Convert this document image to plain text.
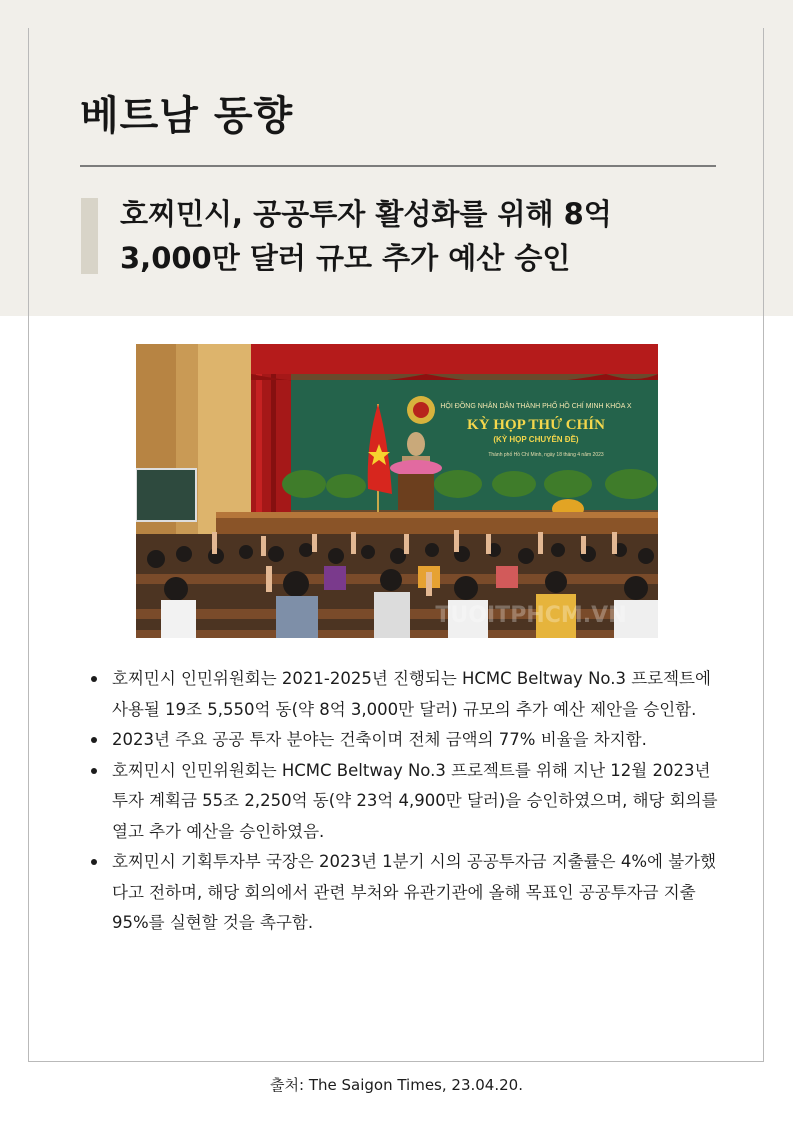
베트남 동향
호찌민시, 공공투자 활성화를 위해 8억
3,000만 달러 규모 추가 예산 승인
HỘI ĐỒNG NHÂN DÂN THÀNH PHỐ HỒ CHÍ MINH KHÓA X
KỲ HỌP THỨ CHÍN
(KỲ HỌP CHUYÊN ĐỀ)
Thành phố Hồ Chí Minh, ngày 18 tháng 4 năm 2023
TUOITPHCM.VN
호찌민시 인민위원회는 2021-2025년 진행되는 HCMC Beltway No.3 프로젝트에 사용될 19조 5,550억 동(약 8억 3,000만 달러) 규모의 추가 예산 제안을 승인함.
2023년 주요 공공 투자 분야는 건축이며 전체 금액의 77% 비율을 차지함.
호찌민시 인민위원회는 HCMC Beltway No.3 프로젝트를 위해 지난 12월 2023년 투자 계획금 55조 2,250억 동(약 23억 4,900만 달러)을 승인하였으며, 해당 회의를 열고 추가 예산을 승인하였음.
호찌민시 기획투자부 국장은 2023년 1분기 시의 공공투자금 지출률은 4%에 불가했다고 전하며, 해당 회의에서 관련 부처와 유관기관에 올해 목표인 공공투자금 지출 95%를 실현할 것을 촉구함.
출처: The Saigon Times, 23.04.20.
